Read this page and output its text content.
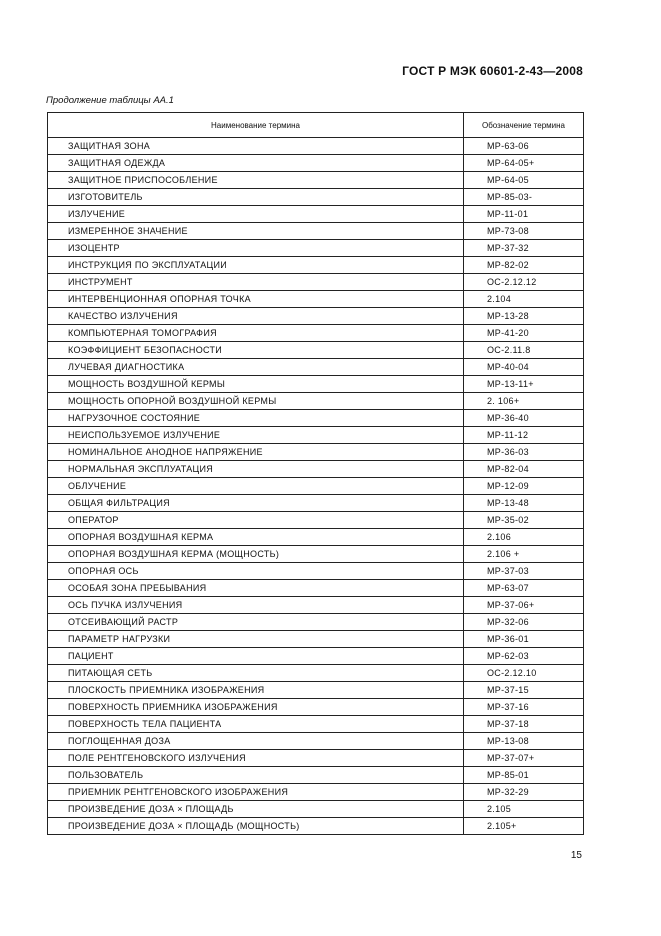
ГОСТ Р МЭК 60601-2-43—2008
Продолжение таблицы АА.1
Наименование термина	Обозначение термина
ЗАЩИТНАЯ ЗОНА	МР-63-06
ЗАЩИТНАЯ ОДЕЖДА	МР-64-05+
ЗАЩИТНОЕ ПРИСПОСОБЛЕНИЕ	МР-64-05
ИЗГОТОВИТЕЛЬ	МР-85-03-
ИЗЛУЧЕНИЕ	МР-11-01
ИЗМЕРЕННОЕ ЗНАЧЕНИЕ	МР-73-08
ИЗОЦЕНТР	МР-37-32
ИНСТРУКЦИЯ ПО ЭКСПЛУАТАЦИИ	МР-82-02
ИНСТРУМЕНТ	ОС-2.12.12
ИНТЕРВЕНЦИОННАЯ ОПОРНАЯ ТОЧКА	2.104
КАЧЕСТВО ИЗЛУЧЕНИЯ	МР-13-28
КОМПЬЮТЕРНАЯ ТОМОГРАФИЯ	МР-41-20
КОЭФФИЦИЕНТ БЕЗОПАСНОСТИ	ОС-2.11.8
ЛУЧЕВАЯ ДИАГНОСТИКА	МР-40-04
МОЩНОСТЬ ВОЗДУШНОЙ КЕРМЫ	МР-13-11+
МОЩНОСТЬ ОПОРНОЙ ВОЗДУШНОЙ КЕРМЫ	2. 106+
НАГРУЗОЧНОЕ СОСТОЯНИЕ	МР-36-40
НЕИСПОЛЬЗУЕМОЕ ИЗЛУЧЕНИЕ	МР-11-12
НОМИНАЛЬНОЕ АНОДНОЕ НАПРЯЖЕНИЕ	МР-36-03
НОРМАЛЬНАЯ ЭКСПЛУАТАЦИЯ	МР-82-04
ОБЛУЧЕНИЕ	МР-12-09
ОБЩАЯ ФИЛЬТРАЦИЯ	МР-13-48
ОПЕРАТОР	МР-35-02
ОПОРНАЯ ВОЗДУШНАЯ КЕРМА	2.106
ОПОРНАЯ ВОЗДУШНАЯ КЕРМА (МОЩНОСТЬ)	2.106 +
ОПОРНАЯ ОСЬ	МР-37-03
ОСОБАЯ ЗОНА ПРЕБЫВАНИЯ	МР-63-07
ОСЬ ПУЧКА ИЗЛУЧЕНИЯ	МР-37-06+
ОТСЕИВАЮЩИЙ РАСТР	МР-32-06
ПАРАМЕТР НАГРУЗКИ	МР-36-01
ПАЦИЕНТ	МР-62-03
ПИТАЮЩАЯ СЕТЬ	ОС-2.12.10
ПЛОСКОСТЬ ПРИЕМНИКА ИЗОБРАЖЕНИЯ	МР-37-15
ПОВЕРХНОСТЬ ПРИЕМНИКА ИЗОБРАЖЕНИЯ	МР-37-16
ПОВЕРХНОСТЬ ТЕЛА ПАЦИЕНТА	МР-37-18
ПОГЛОЩЕННАЯ ДОЗА	МР-13-08
ПОЛЕ РЕНТГЕНОВСКОГО ИЗЛУЧЕНИЯ	МР-37-07+
ПОЛЬЗОВАТЕЛЬ	МР-85-01
ПРИЕМНИК РЕНТГЕНОВСКОГО ИЗОБРАЖЕНИЯ	МР-32-29
ПРОИЗВЕДЕНИЕ ДОЗА × ПЛОЩАДЬ	2.105
ПРОИЗВЕДЕНИЕ ДОЗА × ПЛОЩАДЬ (МОЩНОСТЬ)	2.105+
15
